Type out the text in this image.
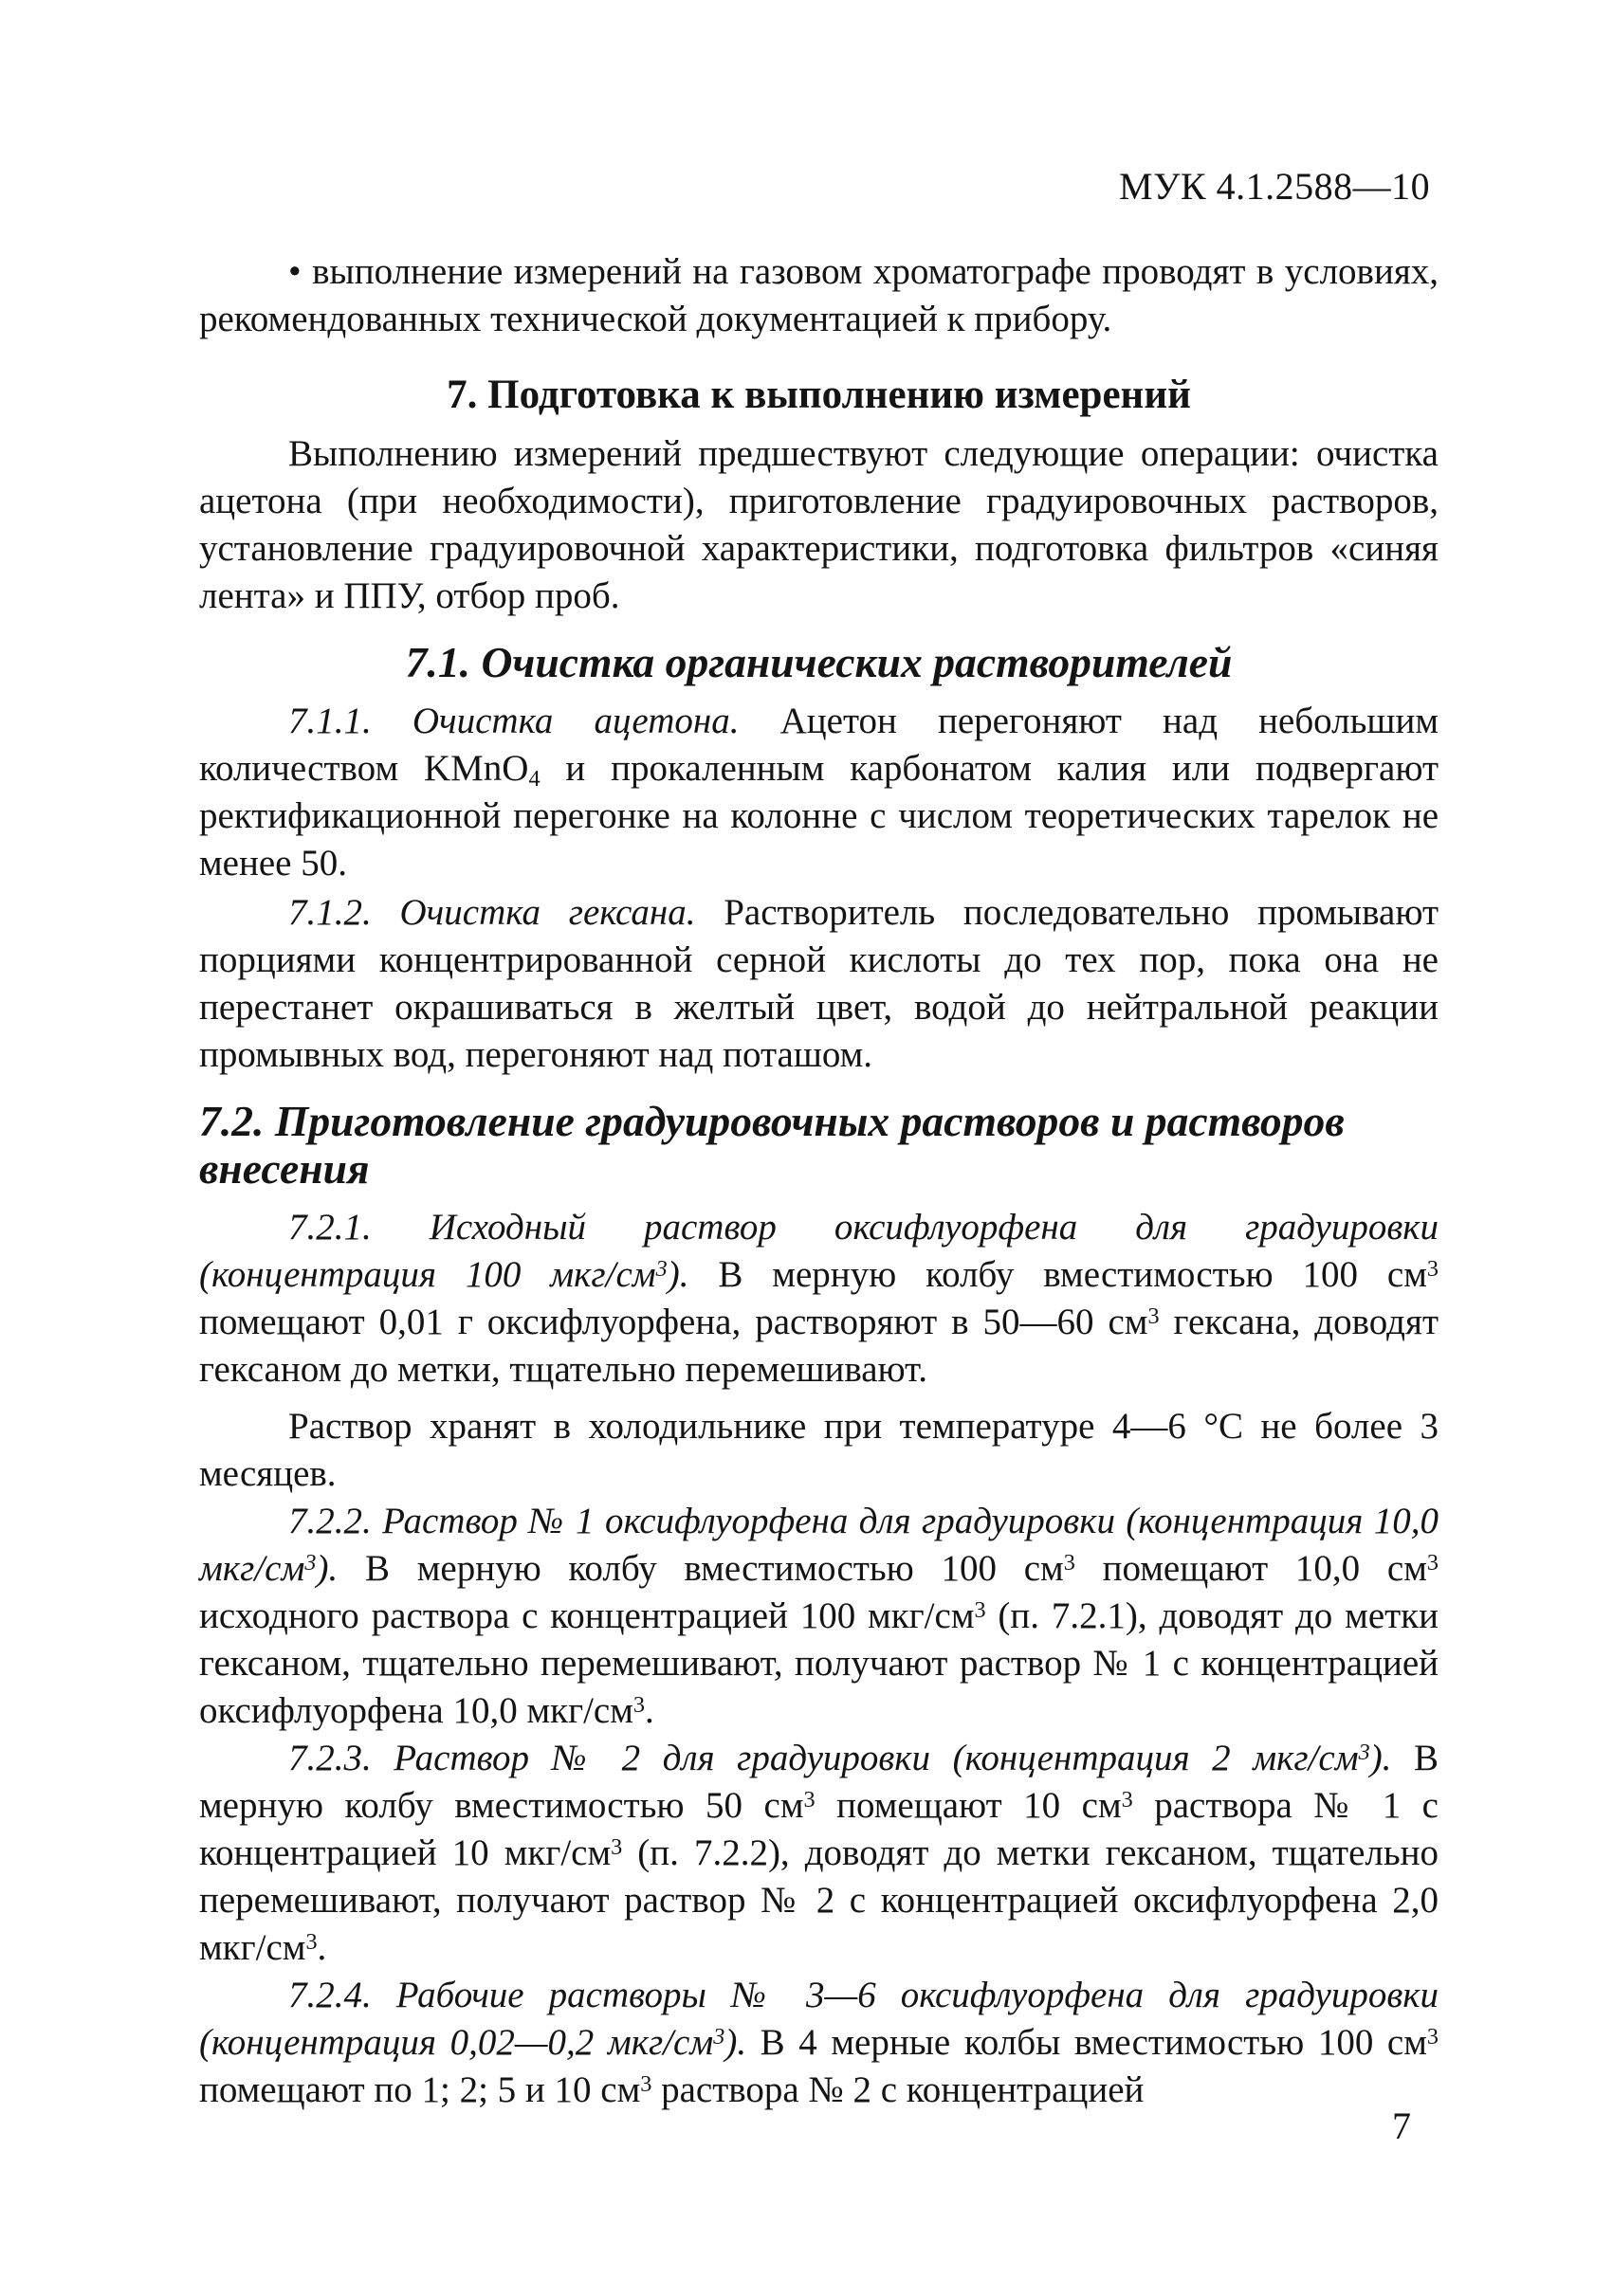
МУК 4.1.2588—10

• выполнение измерений на газовом хроматографе проводят в условиях, рекомендованных технической документацией к прибору.

7. Подготовка к выполнению измерений

Выполнению измерений предшествуют следующие операции: очистка ацетона (при необходимости), приготовление градуировочных растворов, установление градуировочной характеристики, подготовка фильтров «синяя лента» и ППУ, отбор проб.

7.1. Очистка органических растворителей

7.1.1. Очистка ацетона. Ацетон перегоняют над небольшим количеством KMnO$_4$ и прокаленным карбонатом калия или подвергают ректификационной перегонке на колонне с числом теоретических тарелок не менее 50.

7.1.2. Очистка гексана. Растворитель последовательно промывают порциями концентрированной серной кислоты до тех пор, пока она не перестанет окрашиваться в желтый цвет, водой до нейтральной реакции промывных вод, перегоняют над поташом.

7.2. Приготовление градуировочных растворов и растворов внесения

7.2.1. Исходный раствор оксифлуорфена для градуировки (концентрация 100 мкг/$см^3$). В мерную колбу вместимостью 100 $см^3$ помещают 0,01 г оксифлуорфена, растворяют в 50—60 $см^3$ гексана, доводят гексаном до метки, тщательно перемешивают.

Раствор хранят в холодильнике при температуре 4—6 °С не более 3 месяцев.

7.2.2. Раствор № 1 оксифлуорфена для градуировки (концентрация 10,0 мкг/$см^3$). В мерную колбу вместимостью 100 $см^3$ помещают 10,0 $см^3$ исходного раствора с концентрацией 100 мкг/$см^3$ (п. 7.2.1), доводят до метки гексаном, тщательно перемешивают, получают раствор № 1 с концентрацией оксифлуорфена 10,0 мкг/$см^3$.

7.2.3. Раствор № 2 для градуировки (концентрация 2 мкг/$см^3$). В мерную колбу вместимостью 50 $см^3$ помещают 10 $см^3$ раствора № 1 с концентрацией 10 мкг/$см^3$ (п. 7.2.2), доводят до метки гексаном, тщательно перемешивают, получают раствор № 2 с концентрацией оксифлуорфена 2,0 мкг/$см^3$.

7.2.4. Рабочие растворы № 3—6 оксифлуорфена для градуировки (концентрация 0,02—0,2 мкг/$см^3$). В 4 мерные колбы вместимостью 100 $см^3$ помещают по 1; 2; 5 и 10 $см^3$ раствора № 2 с концентрацией

7
